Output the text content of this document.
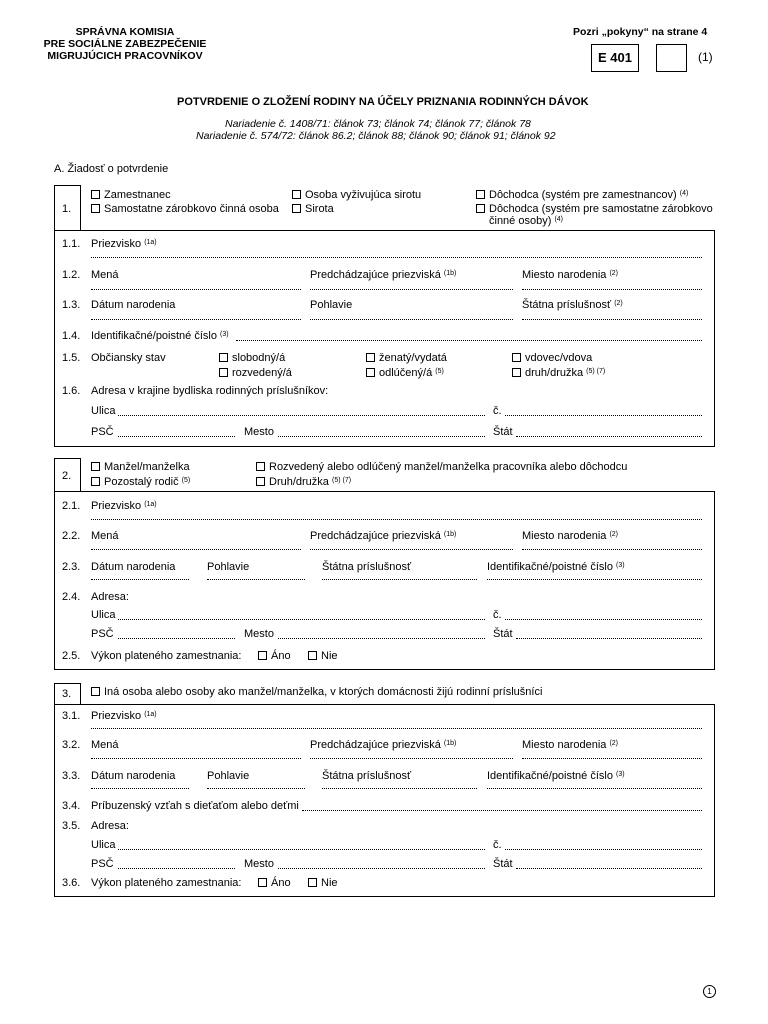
SPRÁVNA KOMISIA
PRE SOCIÁLNE ZABEZPEČENIE
MIGRUJÚCICH PRACOVNÍKOV
Pozri „pokyny“ na strane 4
E 401	(1)
POTVRDENIE O ZLOŽENÍ RODINY NA ÚČELY PRIZNANIA RODINNÝCH DÁVOK
Nariadenie č. 1408/71: článok 73; článok 74; článok 77; článok 78
Nariadenie č. 574/72: článok 86.2; článok 88; článok 90; článok 91; článok 92
A. Žiadosť o potvrdenie
1.
Zamestnanec
Samostatne zárobkovo činná osoba
Osoba vyživujúca sirotu
Sirota
Dôchodca (systém pre zamestnancov) $^{(4)}$
Dôchodca (systém pre samostatne zárobkovo
činné osoby) $^{(4)}$
1.1. Priezvisko $^{(1a)}$
1.2. Mená	Predchádzajúce priezviská $^{(1b)}$	Miesto narodenia $^{(2)}$
1.3. Dátum narodenia	Pohlavie	Štátna príslušnosť $^{(2)}$
1.4. Identifikačné/poistné číslo $^{(3)}$
1.5. Občiansky stav	slobodný/á	ženatý/vydatá	vdovec/vdova
rozvedený/á	odlúčený/á $^{(5)}$	druh/družka $^{(5) (7)}$
1.6. Adresa v krajine bydliska rodinných príslušníkov:
Ulica	č.
PSČ	Mesto	Štát
2.
Manžel/manželka
Pozostalý rodič $^{(5)}$
Rozvedený alebo odlúčený manžel/manželka pracovníka alebo dôchodcu
Druh/družka $^{(5) (7)}$
2.1. Priezvisko $^{(1a)}$
2.2. Mená	Predchádzajúce priezviská $^{(1b)}$	Miesto narodenia $^{(2)}$
2.3. Dátum narodenia	Pohlavie	Štátna príslušnosť	Identifikačné/poistné číslo $^{(3)}$
2.4. Adresa:
Ulica	č.
PSČ	Mesto	Štát
2.5. Výkon plateného zamestnania:	Áno	Nie
3.	Iná osoba alebo osoby ako manžel/manželka, v ktorých domácnosti žijú rodinní príslušníci
3.1. Priezvisko $^{(1a)}$
3.2. Mená	Predchádzajúce priezviská $^{(1b)}$	Miesto narodenia $^{(2)}$
3.3. Dátum narodenia	Pohlavie	Štátna príslušnosť	Identifikačné/poistné číslo $^{(3)}$
3.4. Príbuzenský vzťah s dieťaťom alebo deťmi
3.5. Adresa:
Ulica	č.
PSČ	Mesto	Štát
3.6. Výkon plateného zamestnania:	Áno	Nie
1
